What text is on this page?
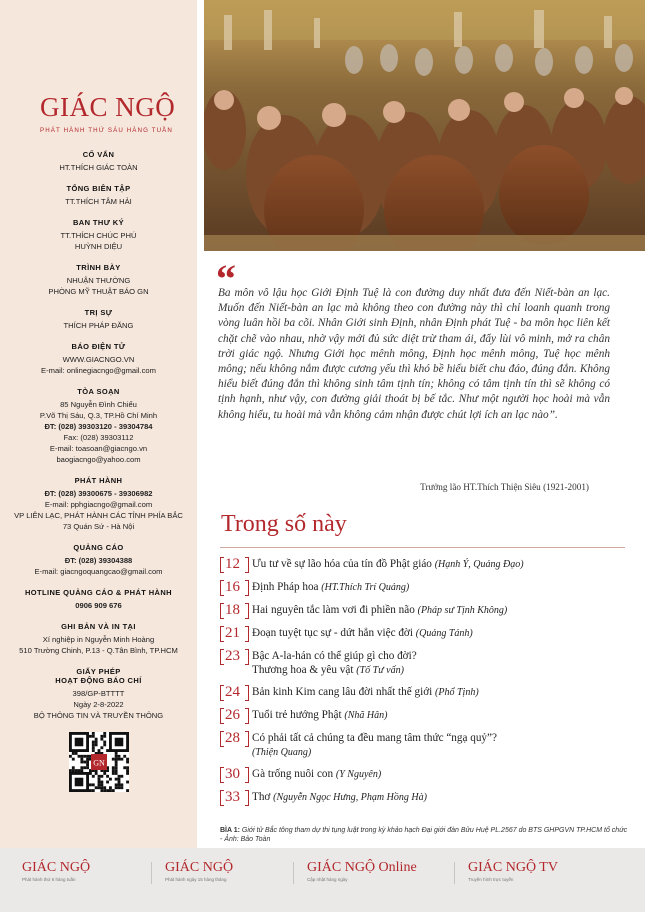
GIÁC NGỘ
PHÁT HÀNH THỨ SÁU HÀNG TUẦN
CỐ VẤN
HT.THÍCH GIÁC TOÀN
TỔNG BIÊN TẬP
TT.THÍCH TÂM HẢI
BAN THƯ KÝ
TT.THÍCH CHÚC PHÚ
HUỲNH DIỆU
TRÌNH BÀY
NHUẬN THƯỜNG
PHÒNG MỸ THUẬT BÁO GN
TRỊ SỰ
THÍCH PHÁP ĐĂNG
BÁO ĐIỆN TỬ
WWW.GIACNGO.VN
E-mail: onlinegiacngo@gmail.com
TÒA SOẠN
85 Nguyễn Đình Chiểu
P.Võ Thị Sáu, Q.3, TP.Hồ Chí Minh
ĐT: (028) 39303120 - 39304784
Fax: (028) 39303112
E-mail: toasoan@giacngo.vn
baogiacngo@yahoo.com
PHÁT HÀNH
ĐT: (028) 39300675 - 39306982
E-mail: pphgiacngo@gmail.com
VP LIÊN LẠC, PHÁT HÀNH CÁC TỈNH PHÍA BẮC
73 Quán Sứ - Hà Nội
QUẢNG CÁO
ĐT: (028) 39304388
E-mail: giacngoquangcao@gmail.com
HOTLINE QUẢNG CÁO & PHÁT HÀNH
0906 909 676
GHI BẢN VÀ IN TẠI
Xí nghiệp in Nguyễn Minh Hoàng
510 Trường Chinh, P.13 - Q.Tân Bình, TP.HCM
GIẤY PHÉP
HOẠT ĐỘNG BÁO CHÍ
398/GP-BTTTT
Ngày 2-8-2022
BỘ THÔNG TIN VÀ TRUYỀN THÔNG
GN
“
Ba môn vô lậu học Giới Định Tuệ là con đường duy nhất đưa đến Niết-bàn an lạc. Muốn đến Niết-bàn an lạc mà không theo con đường này thì chỉ loanh quanh trong vòng luân hồi ba cõi. Nhân Giới sinh Định, nhân Định phát Tuệ - ba môn học liên kết chặt chẽ vào nhau, nhờ vậy mới đủ sức diệt trừ tham ái, đẩy lùi vô minh, mở ra chân trời giác ngộ. Nhưng Giới học mênh mông, Định học mênh mông, Tuệ học mênh mông; nếu không nắm được cương yếu thì khó bề hiểu biết chu đáo, đúng đắn. Không hiểu biết đúng đắn thì không sinh tâm tịnh tín; không có tâm tịnh tín thì sẽ không có tịnh hạnh, như vậy, con đường giải thoát bị bế tắc. Như một người học hoài mà vẫn không hiểu, tu hoài mà vẫn không cảm nhận được chút lợi ích an lạc nào”.
Trưởng lão HT.Thích Thiện Siêu (1921-2001)
Trong số này
12	Ưu tư về sự lão hóa của tín đồ Phật giáo (Hạnh Ý, Quảng Đạo)
16	Định Pháp hoa (HT.Thích Trí Quảng)
18	Hai nguyên tắc làm vơi đi phiền não (Pháp sư Tịnh Không)
21	Đoạn tuyệt tục sự - dứt hẳn việc đời (Quảng Tánh)
23	Bậc A-la-hán có thể giúp gì cho đời?
Thương hoa & yêu vật (Tố Tư vấn)
24	Bản kinh Kim cang lâu đời nhất thế giới (Phổ Tịnh)
26	Tuổi trẻ hướng Phật (Nhã Hân)
28	Có phải tất cả chúng ta đều mang tâm thức “ngạ quỷ”?
(Thiện Quang)
30	Gà trống nuôi con (Y Nguyên)
33	Thơ (Nguyễn Ngọc Hưng, Phạm Hồng Hà)
BÌA 1: Giới tử Bắc tông tham dự thi tụng luật trong kỳ khảo hạch Đại giới đàn Bửu Huệ PL.2567 do BTS GHPGVN TP.HCM tổ chức - Ảnh: Bảo Toàn
GIÁC NGỘ
Phát hành thứ 6 hàng tuần
GIÁC NGỘ
Phát hành ngày 15 hàng tháng
GIÁC NGỘ Online
Cập nhật hàng ngày
GIÁC NGỘ TV
Truyền hình trực tuyến
